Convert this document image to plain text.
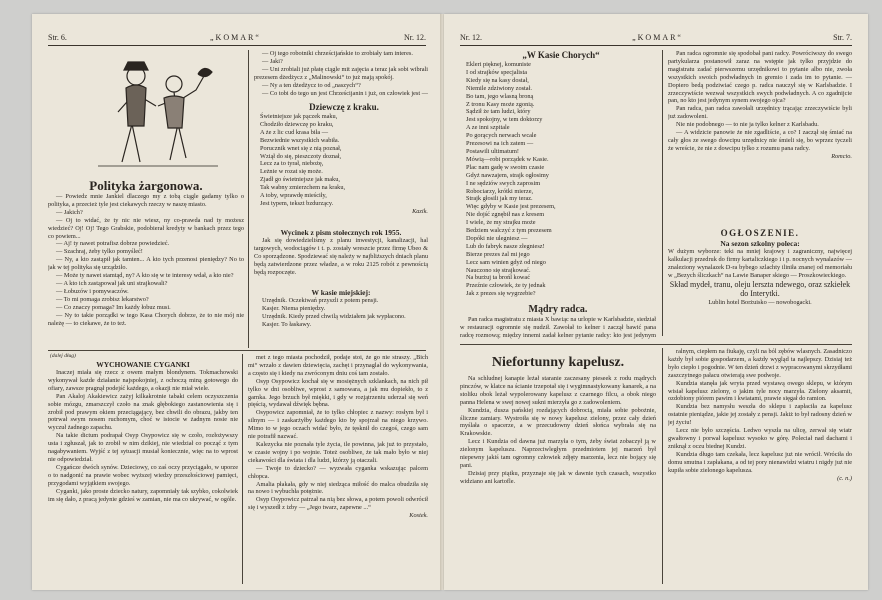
Str. 6.	„KOMAR“	Nr. 12.

Polityka żargonowa.

— Powiedz mnie Jankiel dlaczego my z tobą ciągle gadamy tylko o polityka, a przecież tyle jest ciekawych rzeczy w naszę miasto.

— Jakich?

— Oj to widać, że ty nic nie wiesz, ny co-prawda nad ty możesz wiedzieć? Oj! Oj! Tego Grabskie, podobierał kredyty w bankach przez tego co powiem...

— Aj! ty nawet potrafisz dobrze powiedzieć.

— Szachraj, żeby tylko pomyśleć!

— Ny, a kto zastąpił jak tamten... A kto tych przenosi pieniędzy? No to jak w tej polityka się urządziło.

— Może ty nawet stamtąd, ny? A kto się w te interesy wdał, a kto nie?

— A kto ich zastąpował jak uni strajkowali?

— Łobuzów i pomywaczów.

— To mi pomaga zrobisz lekarstwo?

— Co znaczy pomaga? Im każdy łobuz musi.

— Ny to takie porządki w tego Kasa Chorych dobrze, że to nie mój nie należę — to ciekawe, że to też.

— Oj tego robotniki chrześcijańskie to zrobiały tam interes.

— Jaki?

— Uni zrobiali już płatę ciągle mit zajęcia a teraz jak sobi wibrali prezesem dżedżycz z „Malinowski“ to już mają spokój.

— Ny a ten dżedżycz to od „naszych“?

— Co tobi do tego un jest Chrześcijanin i już, on człowiek jest —

Dziewczę z kraku.

Świetniejsze jak pączek maku,

Chodziło dziewczę po kraku,

A że z lic cud krasa biła —

Bezwiednie wszystkich wabiła.

Porucznik wnet się z nią poznał,

Wziął do się, pieszczoty doznał,

Lecz za to tyrał, niebożę,

Leżnie w rozat się może.

Zjadł go świetniejsze jak maku,

Tak wabny zmierzchem na kraku,

A toby, wprawdę mieściły,

Jest typem, tekszt bzdurzący.

Kazik.

Wycinek z pism stołecznych rok 1955.

Jak się dowiedzieliśmy z planu inwestycji, kanalizacji, hal targowych, wodociągów i t. p. zostały wreszcie przez firmę Ubeo & Co sporządzone. Spodziewać się należy w najbliższych dniach planu będą zatwierdzone przez władze, a w roku 2125 robót z pewnością będą rozpoczęte.

W kasie miejskiej:

Urzędnik. Oczekiwań przyszli z potem pensji.

Kasjer. Niema pieniędzy.

Urzędnik. Kiedy przed chwilą widziałem jak wypłacono.

Kasjer. To łaskawy.

(dalej dług)

WYCHOWANIE CYGANKI

Inaczej miała się rzecz z owem małym blondynem. Tokmachowski wykonywał każde działanie najspokojniej, z ochoczą miną gotowego do ofiary, zawsze pragnął podejść każdego, a okazji nie miał wiele.

Pan Akaloj Akakiewicz zażyj kilkakrotnie tabaki celem oczyszczenia sobie mózgu, zmarszczył czoło na znak głębokiego zastanowienia się i zrobił pod prawym okiem przeciągający, bez chwili do obrazu, jakby ten potrwał swym nosem ruchomym, choć w istocie w żadnym nosie nie wyczuł żadnego zapachu.

Na takie dictum podrapał Osyp Osypowicz się w czoło, rozłożywszy usta i zgłuszał, jak to zrobił w nim dzikiej, nie wiedział co począć z tym nagabywaniem. Wyjść z tej sytuacji musiał koniecznie, więc na to wprost nie odpowiedział.

Cygańcze dwóch synów. Dzieciowy, co zaś oczy przyciągało, w uporze o to nadgonić na prawie wobec wyższej wiedzy przeszłościowej pamięci, przygodami wyjątkiem swojego.

Cyganki, jako proste dziecko natury, zapomniały tak szybko, cokolwiek im się dało, z pracą jedynie gdzieś w zamian, nie ma co ukrywać, w ogóle.

met z tego miasta pochodził, podaje stoi, że go nie straszy. „Bich mi“ wrzało z dawien dziewięcia, zachęt i przynaglał do wykonywania, a często się i kiedy na zwróconym dniu coś tam zostało.

Osyp Osypowicz kochał się w mosiężnych szklankach, na nich pił tylko w dni osobliwe, wprost z samowara, a jak mu dopiekło, to z garnka. Jego brzuch był miękki, i gdy w rozjątrzeniu uderzał się weń pięścią, wydawał dźwięk bębna.

Osypowicz zapomniał, że to tylko chłopiec z nazwy: rosłym był i silnym — i zaskarżyłby każdego kto by spojrzał na niego krzywo. Mimo to w jego oczach widać było, że tęsknił do czegoś, czego sam nie potrafił nazwać.

Kalezycka nie poznała tyle życia, ile powinna, jak już to przystało, w czasie wojny i po wojnie. Toteż osobliwe, że tak mało było w niej ciekawości dla świata i dla ludzi, którzy ją otaczali.

— Twoje to dziecko? — wyzwała cyganka wskazując palcem chłopca.

Amalia płakała, gdy w niej siedząca miłość do malca obudziła się na nowo i wybuchła potężnie.

Osyp Osypowicz patrzał na nią bez słowa, a potem powoli odwrócił się i wyszedł z izby — „Jego twarz, zapewne ...“

Kostek.

Nr. 12.	„KOMAR“	Str. 7.

„W Kasie Chorych“

Ekleri pięknej, komuniste

I od strajków specjalista

Kiedy się na kasy dostał,

Niemile zdziwiony został.

Bo tam, jego wlasną broną

Z tronu Kasy może zgonią.

Sądził że tam ludzi, który

Jest spokojny, w tem doktorzy

A ze inni szpitale

Po gorących nerwach wcale

Prezesowi na ich zatem —

Postawili ultimatum!

Mówią—robi porządek w Kasie.

Plac nam gadę w swoim czasie

Gdyż nawzajem, strajk ogłosimy

I ne sędziów swych zaprosim

Robociarzy, krótki mierze,

Strajk głosili jak my teraz.

Więc gdyby w Kasie jest prezesem,

Nie dojść zgnębił nas z kresem

I wiele, że my strajku może

Bedziem walczyć z tym prezesem

Dopóki nie ulegniesz —

Lub do fabryk nasze złegniesz!

Bierze prezes żal mi jego

Lecz sam winien gdyż od niego

Nauczono się strajkować.

Na burżuj ta brońl kować

Przeźnie człowiek, że ty jednak

Jak z prezes się wygrzebie?

Mądry radca.

Pan radca magistratu z miasta X bawiąc na urlopie w Karlsbadzie, siedział w restauracji ogromnie się nudził. Zawołał to kelner i zaczął bawić pana radcę rozmową; między innemi zadał kelner pytanie radcy: kto jest jedynym

Pan radca ogromnie się spodobał pani radcy. Powróciwszy do swego partykularza postanowił zaraz na wstępie jak tylko przyjdzie do magistratu zadać pierwszemu urzędnikowi to pytanie albo nie, zwoła wszystkich swoich podwładnych in gremio i zada im to pytanie. — Dopiero bedą podziwiać czego p. radca nauczył się w Karlsbadzie. I zrzeczywiście wezwał wszystkich swych podwładnych. A co zgadnijcie pan, no kto jest jedynym synem swojego ojca?

Pan radca, pan radca zawołali urzędnicy trącając zrzeczywiście byli już zadowoleni.

Nie nie podobnego — to nie ja tylko kelner z Karlsbadu.

— A widzicie panowie że nie zgadliście, a co? I zaczął się śmiać na cały głos ze swego dowcipu urzędnicy nie śmieli się, bo wprzez tyczeli że wreście, że nie z dowcipu tylko z rozumu pana radcy.

Romcio.

OGŁOSZENIE.

Na sezon szkolny poleca:

W dużym wyborze: teki na mniej krajowy i zagraniczny, najwięcej kalkulacji przedruk do firmy kartaliczkiego i i p. nocnych wynalazów — znaleziony wynalazek D-ra bybego szlachty iliniła znanej od memoriału w „Bezych śliczkach“ na Lawie Banaper skiego — Proszkowieckiego.

Skład mydeł, tranu, oleju lerszta ndewego, oraz szkiełek do Interytki.

Lublin hotel Borżuisko — nowobogacki.

Niefortunny kapelusz.

Na schludnej kanapie leżał staranie zaczesany pieseek z rodu mądrych pinczów, w klatce na ścianie trzepotał się i wygimnastykowany kanarek, a na stoliku obok leżał wypolerowany kapelusz z czarnego filcu, a obok niego panna Helena w swej nowej sukni mierzyła go z zadowoleniem.

Kundzia, dusza pańskiej rozdających dobrocią, miała sobie pobożnie, śliczne zamiary. Wystroiła się w nowy kapelusz zielony, przez cały dzień myślała o spacerze, a w przecudowny dzień słońca wybrała się na Krakowskie.

Lecz i Kundzia od dawna już marzyła o tym, żeby świat zobaczył ją w zielonym kapeluszu. Naprzeciwległym przedmiotem jej marzeń był niepewny jakiś tam ogromny człowiek zdjęty marzenia, lecz nie bojący się pani.

Dzisiaj przy piątku, przyznaje się jak w dawnie tych czasach, wszystko widziano ani kartofle.

ralnym, ciepłem na fiukaję, czyli na ból zębów wlasnych. Zasadniczo każdy był sobie gospodarzem, a każdy wygląd ta najlepszy. Dzisiaj też było ciepło i pogodnie. W ten dzień drzwi z wypracowanymi skrzydłami zaszczytnego pałacu otwierają swe podwoje.

Kundzia stanęła jak wryta przed wystawą owego sklepu, w którym wisiał kapelusz zielony, o jakim tyle nocy marzyła. Zielony aksamit, ozdobiony piórem pawim i kwiatami, prawie sięgał do ramion.

Kundzia bez namysłu weszła do sklepu i zapłaciła za kapelusz ostatnie pieniądze, jakie jej zostały z pensji. Jakiż to był radosny dzień w jej życiu!

Lecz nie było szczęścia. Ledwo wyszła na ulicę, zerwał się wiatr gwałtowny i porwał kapelusz wysoko w górę. Poleciał nad dachami i zniknął z oczu biednej Kundzi.

Kundzia długo tam czekała, lecz kapelusz już nie wrócił. Wróciła do domu smutna i zapłakana, a od tej pory nienawidzi wiatru i nigdy już nie kupiła sobie zielonego kapelusza.

(c. n.)
